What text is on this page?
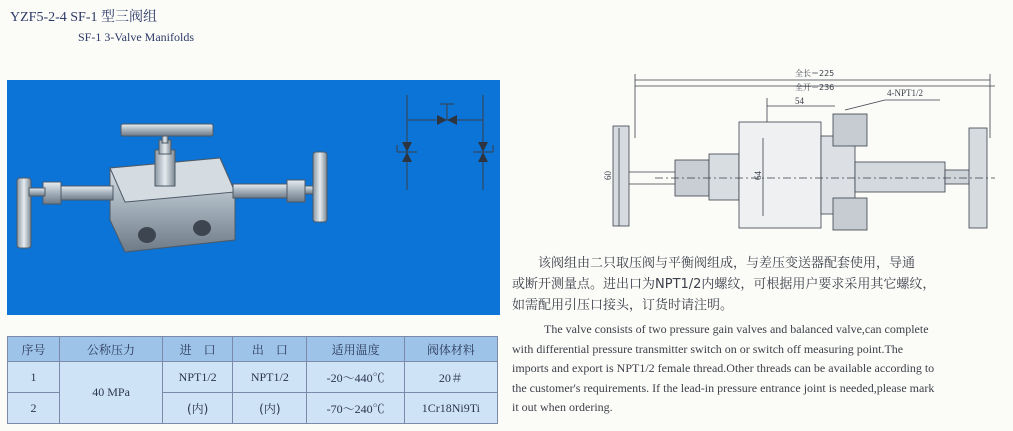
YZF5-2-4 SF-1 型三阀组
SF-1 3-Valve Manifolds
全长＝225
全开＝236
54
60	64
4-NPT1/2

该阀组由二只取压阀与平衡阀组成，与差压变送器配套使用，导通

或断开测量点。进出口为NPT1/2内螺纹，可根据用户要求采用其它螺纹，

如需配用引压口接头，订货时请注明。

The valve consists of two pressure gain valves and balanced valve,can complete

with differential pressure transmitter switch on or switch off measuring point.The

imports and export is NPT1/2 female thread.Other threads can be available according to

the customer's requirements. If the lead-in pressure entrance joint is needed,please mark

it out when ordering.

序号	公称压力	进　口	出　口	适用温度	阀体材料
1	40 MPa	NPT1/2	NPT1/2	-20～440℃	20＃
2		(内)	(内)	-70～240℃	1Cr18Ni9Ti
